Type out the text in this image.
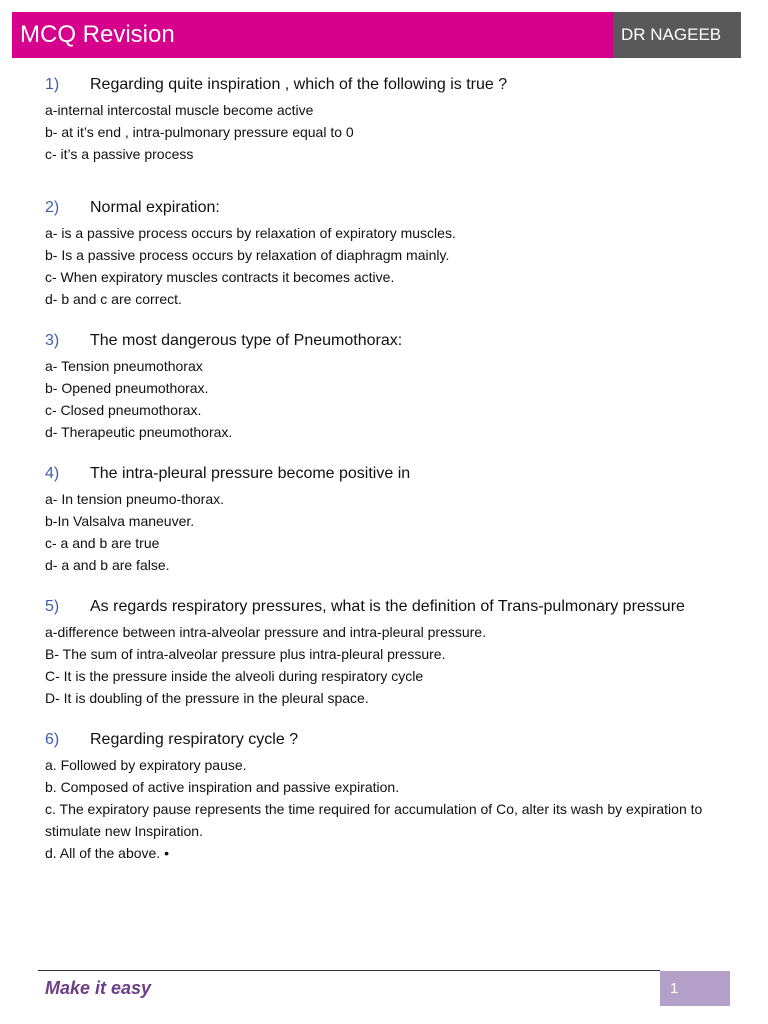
MCQ Revision	DR NAGEEB
1)	Regarding quite inspiration , which of the following is true ?
a-internal intercostal muscle become active
b- at it’s end , intra-pulmonary pressure equal to 0
c- it’s a passive process
2)	Normal expiration:
a- is a passive process occurs by relaxation of expiratory muscles.
b- Is a passive process occurs by relaxation of diaphragm mainly.
c- When expiratory muscles contracts it becomes active.
d- b and c are correct.
3)	The most dangerous type of Pneumothorax:
a- Tension pneumothorax
b- Opened pneumothorax.
c- Closed pneumothorax.
d- Therapeutic pneumothorax.
4)	The intra-pleural pressure become positive in
a- In tension pneumo-thorax.
b-In Valsalva maneuver.
c- a and b are true
d- a and b are false.
5) As regards respiratory pressures, what is the definition of Trans-pulmonary pressure
a-difference between intra-alveolar pressure and intra-pleural pressure.
B- The sum of intra-alveolar pressure plus intra-pleural pressure.
C- It is the pressure inside the alveoli during respiratory cycle
D- It is doubling of the pressure in the pleural space.
6)	Regarding respiratory cycle ?
a. Followed by expiratory pause.
b. Composed of active inspiration and passive expiration.
c. The expiratory pause represents the time required for accumulation of Co, alter its wash by expiration to stimulate new Inspiration.
d. All of the above. •
Make it easy	1
